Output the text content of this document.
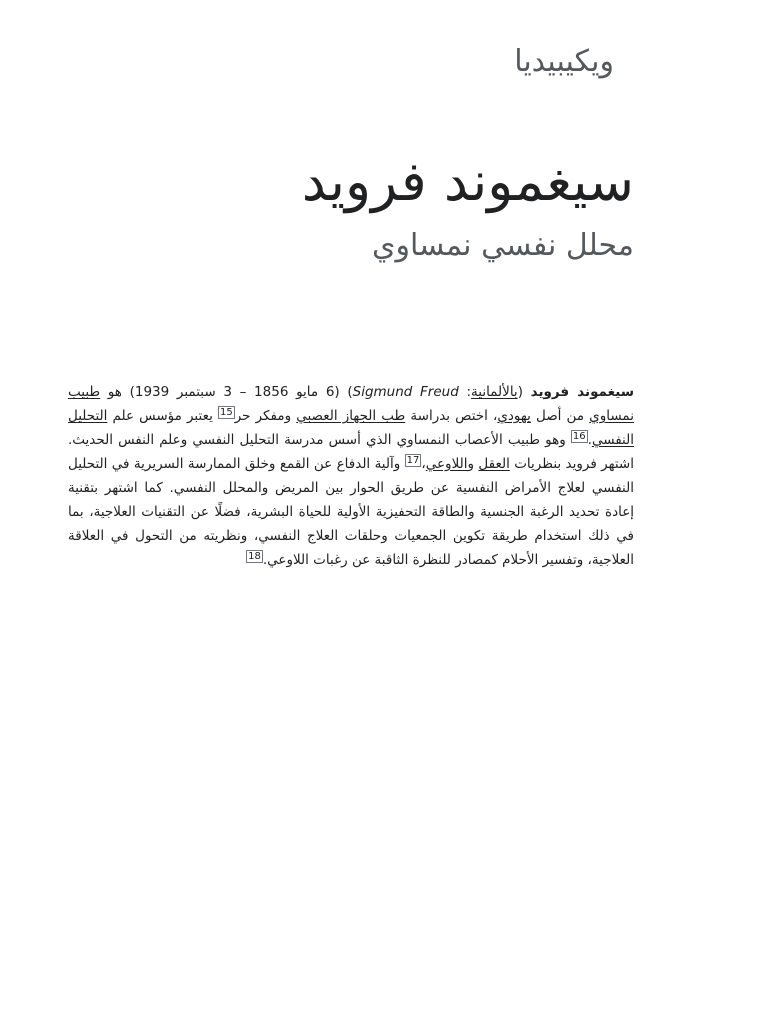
ويكيبيديا
سيغموند فرويد
محلل نفسي نمساوي

سيغموند فرويد (بالألمانية: Sigmund Freud) (6 مايو 1856 – 3 سبتمبر 1939) هو طبيب نمساوي من أصل يهودي، اختص بدراسة طب الجهاز العصبي ومفكر حر$^{15}$ يعتبر مؤسس علم التحليل النفسي.$^{16}$ وهو طبيب الأعصاب النمساوي الذي أسس مدرسة التحليل النفسي وعلم النفس الحديث. اشتهر فرويد بنظريات العقل واللاوعي،$^{17}$ وآلية الدفاع عن القمع وخلق الممارسة السريرية في التحليل النفسي لعلاج الأمراض النفسية عن طريق الحوار بين المريض والمحلل النفسي. كما اشتهر بتقنية إعادة تحديد الرغبة الجنسية والطاقة التحفيزية الأولية للحياة البشرية، فضلًا عن التقنيات العلاجية، بما في ذلك استخدام طريقة تكوين الجمعيات وحلقات العلاج النفسي، ونظريته من التحول في العلاقة العلاجية، وتفسير الأحلام كمصادر للنظرة الثاقبة عن رغبات اللاوعي.$^{18}$
